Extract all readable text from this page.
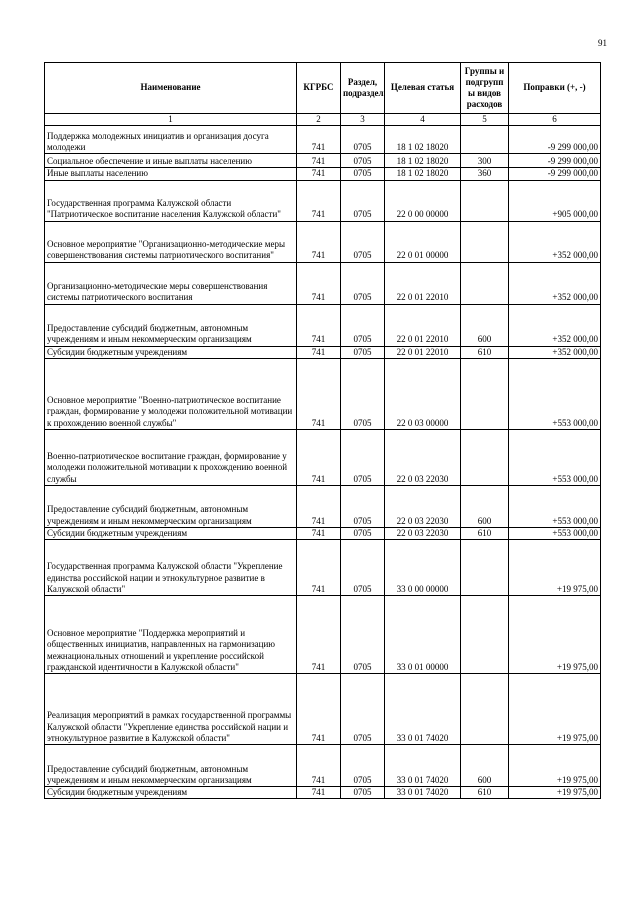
91
Наименование	КГРБС	Раздел, подраздел	Целевая статья	Группы и подгрупп ы видов расходов	Поправки (+, -)
1	2	3	4	5	6
Поддержка молодежных инициатив и организация досуга молодежи	741	0705	18 1 02 18020		-9 299 000,00
Социальное обеспечение и иные выплаты населению	741	0705	18 1 02 18020	300	-9 299 000,00
Иные выплаты населению	741	0705	18 1 02 18020	360	-9 299 000,00
Государственная программа Калужской области "Патриотическое воспитание населения Калужской области"	741	0705	22 0 00 00000		+905 000,00
Основное мероприятие "Организационно-методические меры совершенствования системы патриотического воспитания"	741	0705	22 0 01 00000		+352 000,00
Организационно-методические меры совершенствования системы патриотического воспитания	741	0705	22 0 01 22010		+352 000,00
Предоставление субсидий бюджетным, автономным учреждениям и иным некоммерческим организациям	741	0705	22 0 01 22010	600	+352 000,00
Субсидии бюджетным учреждениям	741	0705	22 0 01 22010	610	+352 000,00
Основное мероприятие "Военно-патриотическое воспитание граждан, формирование у молодежи положительной мотивации к прохождению военной службы"	741	0705	22 0 03 00000		+553 000,00
Военно-патриотическое воспитание граждан, формирование у молодежи положительной мотивации к прохождению военной службы	741	0705	22 0 03 22030		+553 000,00
Предоставление субсидий бюджетным, автономным учреждениям и иным некоммерческим организациям	741	0705	22 0 03 22030	600	+553 000,00
Субсидии бюджетным учреждениям	741	0705	22 0 03 22030	610	+553 000,00
Государственная программа Калужской области "Укрепление единства российской нации и этнокультурное развитие в Калужской области"	741	0705	33 0 00 00000		+19 975,00
Основное мероприятие "Поддержка мероприятий и общественных инициатив, направленных на гармонизацию межнациональных отношений и укрепление российской гражданской идентичности в Калужской области"	741	0705	33 0 01 00000		+19 975,00
Реализация мероприятий в рамках государственной программы Калужской области "Укрепление единства российской нации и этнокультурное развитие в Калужской области"	741	0705	33 0 01 74020		+19 975,00
Предоставление субсидий бюджетным, автономным учреждениям и иным некоммерческим организациям	741	0705	33 0 01 74020	600	+19 975,00
Субсидии бюджетным учреждениям	741	0705	33 0 01 74020	610	+19 975,00
